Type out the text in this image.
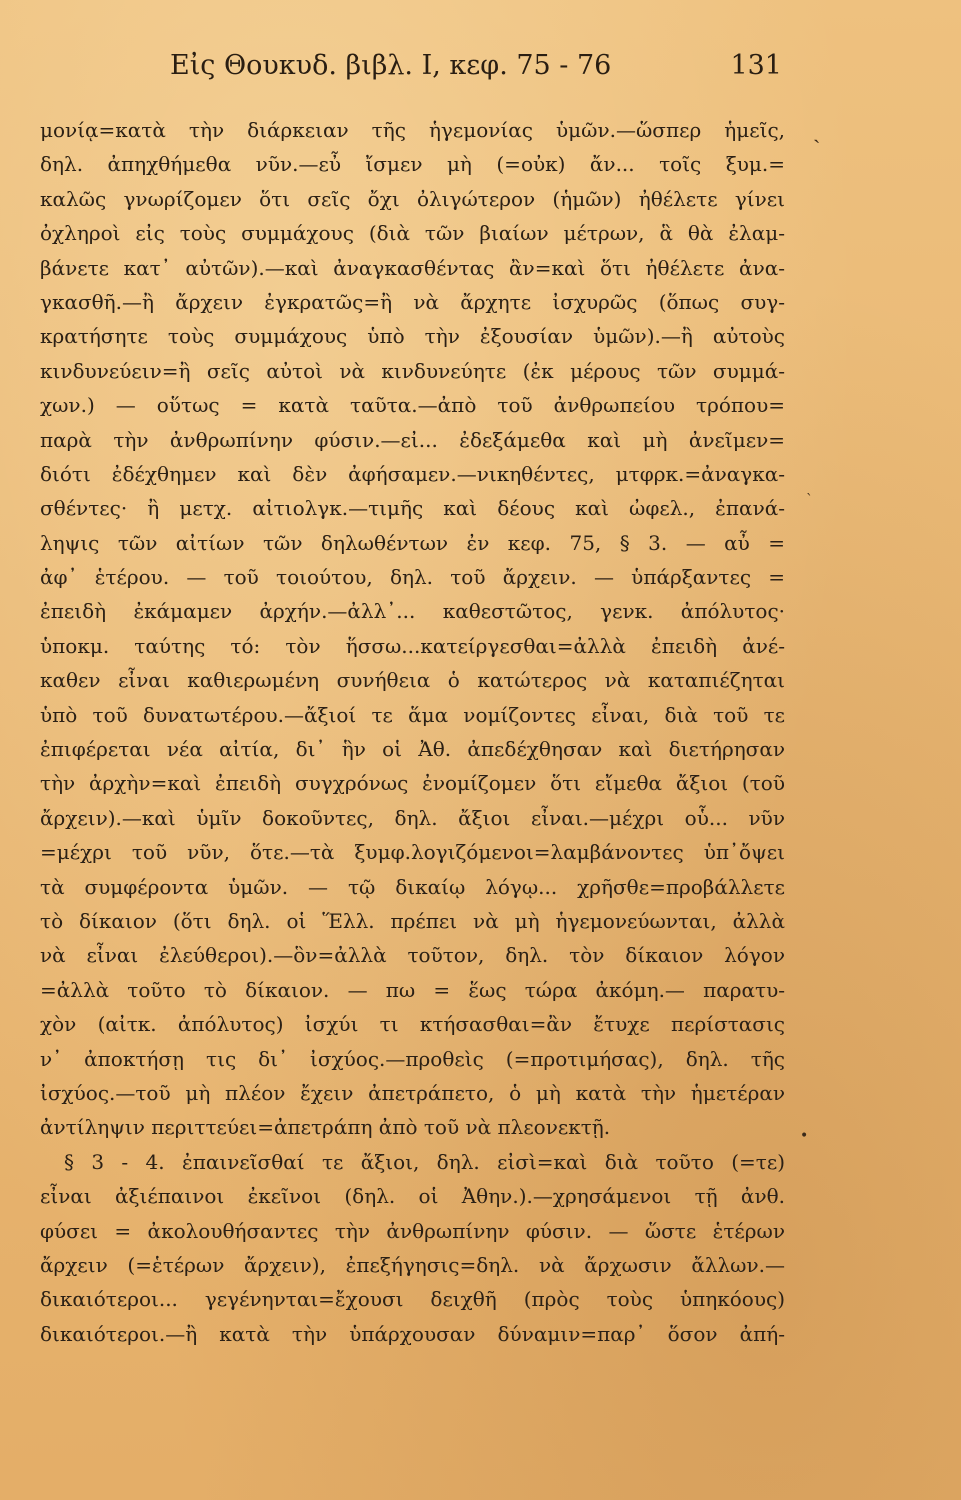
Εἰς Θουκυδ. βιβλ. I, κεφ. 75 - 76	131
μονίᾳ=κατὰ τὴν διάρκειαν τῆς ἡγεμονίας ὑμῶν.—ὥσπερ ἡμεῖς,
δηλ. ἀπηχθήμεθα νῦν.—εὖ ἴσμεν μὴ (=οὐκ) ἄν... τοῖς ξυμ.=
καλῶς γνωρίζομεν ὅτι σεῖς ὄχι ὀλιγώτερον (ἡμῶν) ἠθέλετε γίνει
ὀχληροὶ εἰς τοὺς συμμάχους (διὰ τῶν βιαίων μέτρων, ἃ θὰ ἐλαμ-
βάνετε κατ᾽ αὐτῶν).—καὶ ἀναγκασθέντας ἂν=καὶ ὅτι ἠθέλετε ἀνα-
γκασθῆ.—ἢ ἄρχειν ἐγκρατῶς=ἢ νὰ ἄρχητε ἰσχυρῶς (ὅπως συγ-
κρατήσητε τοὺς συμμάχους ὑπὸ τὴν ἐξουσίαν ὑμῶν).—ἢ αὐτοὺς
κινδυνεύειν=ἢ σεῖς αὐτοὶ νὰ κινδυνεύητε (ἐκ μέρους τῶν συμμά-
χων.) — οὕτως = κατὰ ταῦτα.—ἀπὸ τοῦ ἀνθρωπείου τρόπου=
παρὰ τὴν ἀνθρωπίνην φύσιν.—εἰ... ἐδεξάμεθα καὶ μὴ ἀνεῖμεν=
διότι ἐδέχθημεν καὶ δὲν ἀφήσαμεν.—νικηθέντες, μτφρκ.=ἀναγκα-
σθέντες· ἢ μετχ. αἰτιολγκ.—τιμῆς καὶ δέους καὶ ὠφελ., ἐπανά-
ληψις τῶν αἰτίων τῶν δηλωθέντων ἐν κεφ. 75, § 3. — αὖ =
ἀφ᾽ ἑτέρου. — τοῦ τοιούτου, δηλ. τοῦ ἄρχειν. — ὑπάρξαντες =
ἐπειδὴ ἐκάμαμεν ἀρχήν.—ἀλλ᾽... καθεστῶτος, γενκ. ἀπόλυτος·
ὑποκμ. ταύτης τό: τὸν ἥσσω...κατείργεσθαι=ἀλλὰ ἐπειδὴ ἀνέ-
καθεν εἶναι καθιερωμένη συνήθεια ὁ κατώτερος νὰ καταπιέζηται
ὑπὸ τοῦ δυνατωτέρου.—ἄξιοί τε ἅμα νομίζοντες εἶναι, διὰ τοῦ τε
ἐπιφέρεται νέα αἰτία, δι᾽ ἣν οἱ Ἀθ. ἀπεδέχθησαν καὶ διετήρησαν
τὴν ἀρχὴν=καὶ ἐπειδὴ συγχρόνως ἐνομίζομεν ὅτι εἴμεθα ἄξιοι (τοῦ
ἄρχειν).—καὶ ὑμῖν δοκοῦντες, δηλ. ἄξιοι εἶναι.—μέχρι οὗ... νῦν
=μέχρι τοῦ νῦν, ὅτε.—τὰ ξυμφ.λογιζόμενοι=λαμβάνοντες ὑπ᾽ὄψει
τὰ συμφέροντα ὑμῶν. — τῷ δικαίῳ λόγῳ... χρῆσθε=προβάλλετε
τὸ δίκαιον (ὅτι δηλ. οἱ Ἕλλ. πρέπει νὰ μὴ ἡγεμονεύωνται, ἀλλὰ
νὰ εἶναι ἐλεύθεροι).—ὃν=ἀλλὰ τοῦτον, δηλ. τὸν δίκαιον λόγον
=ἀλλὰ τοῦτο τὸ δίκαιον. — πω = ἕως τώρα ἀκόμη.— παρατυ-
χὸν (αἰτκ. ἀπόλυτος) ἰσχύι τι κτήσασθαι=ἂν ἔτυχε περίστασις
ν᾽ ἀποκτήσῃ τις δι᾽ ἰσχύος.—προθεὶς (=προτιμήσας), δηλ. τῆς
ἰσχύος.—τοῦ μὴ πλέον ἔχειν ἀπετράπετο, ὁ μὴ κατὰ τὴν ἡμετέραν
ἀντίληψιν περιττεύει=ἀπετράπη ἀπὸ τοῦ νὰ πλεονεκτῇ.
§ 3 - 4. ἐπαινεῖσθαί τε ἄξιοι, δηλ. εἰσὶ=καὶ διὰ τοῦτο (=τε)
εἶναι ἀξιέπαινοι ἐκεῖνοι (δηλ. οἱ Ἀθην.).—χρησάμενοι τῇ ἀνθ.
φύσει = ἀκολουθήσαντες τὴν ἀνθρωπίνην φύσιν. — ὥστε ἑτέρων
ἄρχειν (=ἑτέρων ἄρχειν), ἐπεξήγησις=δηλ. νὰ ἄρχωσιν ἄλλων.—
δικαιότεροι... γεγένηνται=ἔχουσι δειχθῆ (πρὸς τοὺς ὑπηκόους)
δικαιότεροι.—ἢ κατὰ τὴν ὑπάρχουσαν δύναμιν=παρ᾽ ὅσον ἀπή-
ˏ
ˋ
•
